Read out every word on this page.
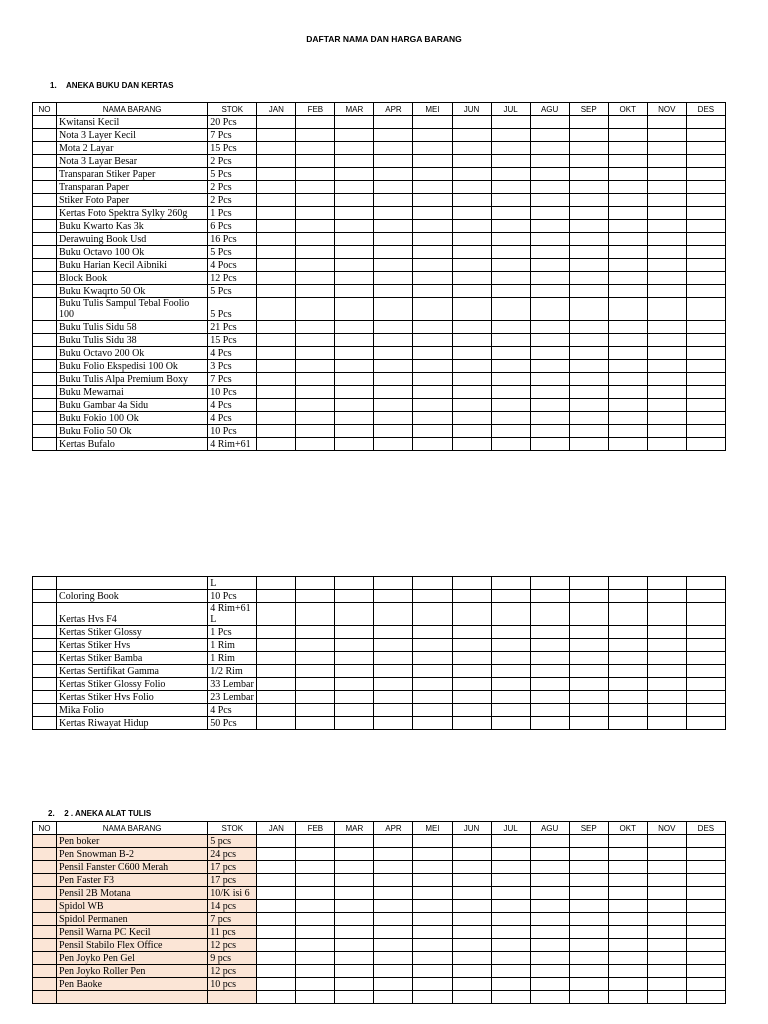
DAFTAR NAMA DAN HARGA BARANG
1. ANEKA BUKU DAN KERTAS
NO	NAMA BARANG	STOK	JAN	FEB	MAR	APR	MEI	JUN	JUL	AGU	SEP	OKT	NOV	DES
	Kwitansi Kecil	20 Pcs												
	Nota 3 Layer Kecil	7 Pcs												
	Mota 2 Layar	15 Pcs												
	Nota 3 Layar Besar	2 Pcs												
	Transparan Stiker Paper	5 Pcs												
	Transparan Paper	2 Pcs												
	Stiker Foto Paper	2 Pcs												
	Kertas Foto Spektra Sylky 260g	1 Pcs												
	Buku Kwarto Kas 3k	6 Pcs												
	Derawuing Book Usd	16 Pcs												
	Buku Octavo 100 Ok	5 Pcs												
	Buku Harian Kecil Aibniki	4 Pocs												
	Block Book	12 Pcs												
	Buku Kwaqrto 50 Ok	5 Pcs												
	Buku Tulis Sampul Tebal Foolio 100	5 Pcs												
	Buku Tulis Sidu 58	21 Pcs												
	Buku Tulis Sidu 38	15 Pcs												
	Buku Octavo 200 Ok	4 Pcs												
	Buku Folio Ekspedisi 100 Ok	3 Pcs												
	Buku Tulis Alpa Premium Boxy	7 Pcs												
	Buku Mewarnai	10 Pcs												
	Buku Gambar 4a Sidu	4 Pcs												
	Buku Fokio 100 Ok	4 Pcs												
	Buku Folio 50 Ok	10 Pcs												
	Kertas Bufalo	4 Rim+61												
		L												
	Coloring Book	10 Pcs												
	Kertas Hvs F4	4 Rim+61 L												
	Kertas Stiker Glossy	1 Pcs												
	Kertas Stiker Hvs	1 Rim												
	Kertas Stiker Bamba	1 Rim												
	Kertas Sertifikat Gamma	1/2 Rim												
	Kertas Stiker Glossy Folio	33 Lembar												
	Kertas Stiker Hvs Folio	23 Lembar												
	Mika Folio	4 Pcs												
	Kertas Riwayat Hidup	50 Pcs												
2. 2 . ANEKA ALAT TULIS
NO	NAMA BARANG	STOK	JAN	FEB	MAR	APR	MEI	JUN	JUL	AGU	SEP	OKT	NOV	DES
	Pen boker	5 pcs												
	Pen Snowman B-2	24 pcs												
	Pensil Fanster C600 Merah	17 pcs												
	Pen Faster F3	17 pcs												
	Pensil 2B Motana	10/K isi 6												
	Spidol WB	14 pcs												
	Spidol Permanen	7 pcs												
	Pensil Warna PC Kecil	11 pcs												
	Pensil Stabilo Flex Office	12 pcs												
	Pen Joyko Pen Gel	9 pcs												
	Pen Joyko Roller Pen	12 pcs												
	Pen Baoke	10 pcs												
